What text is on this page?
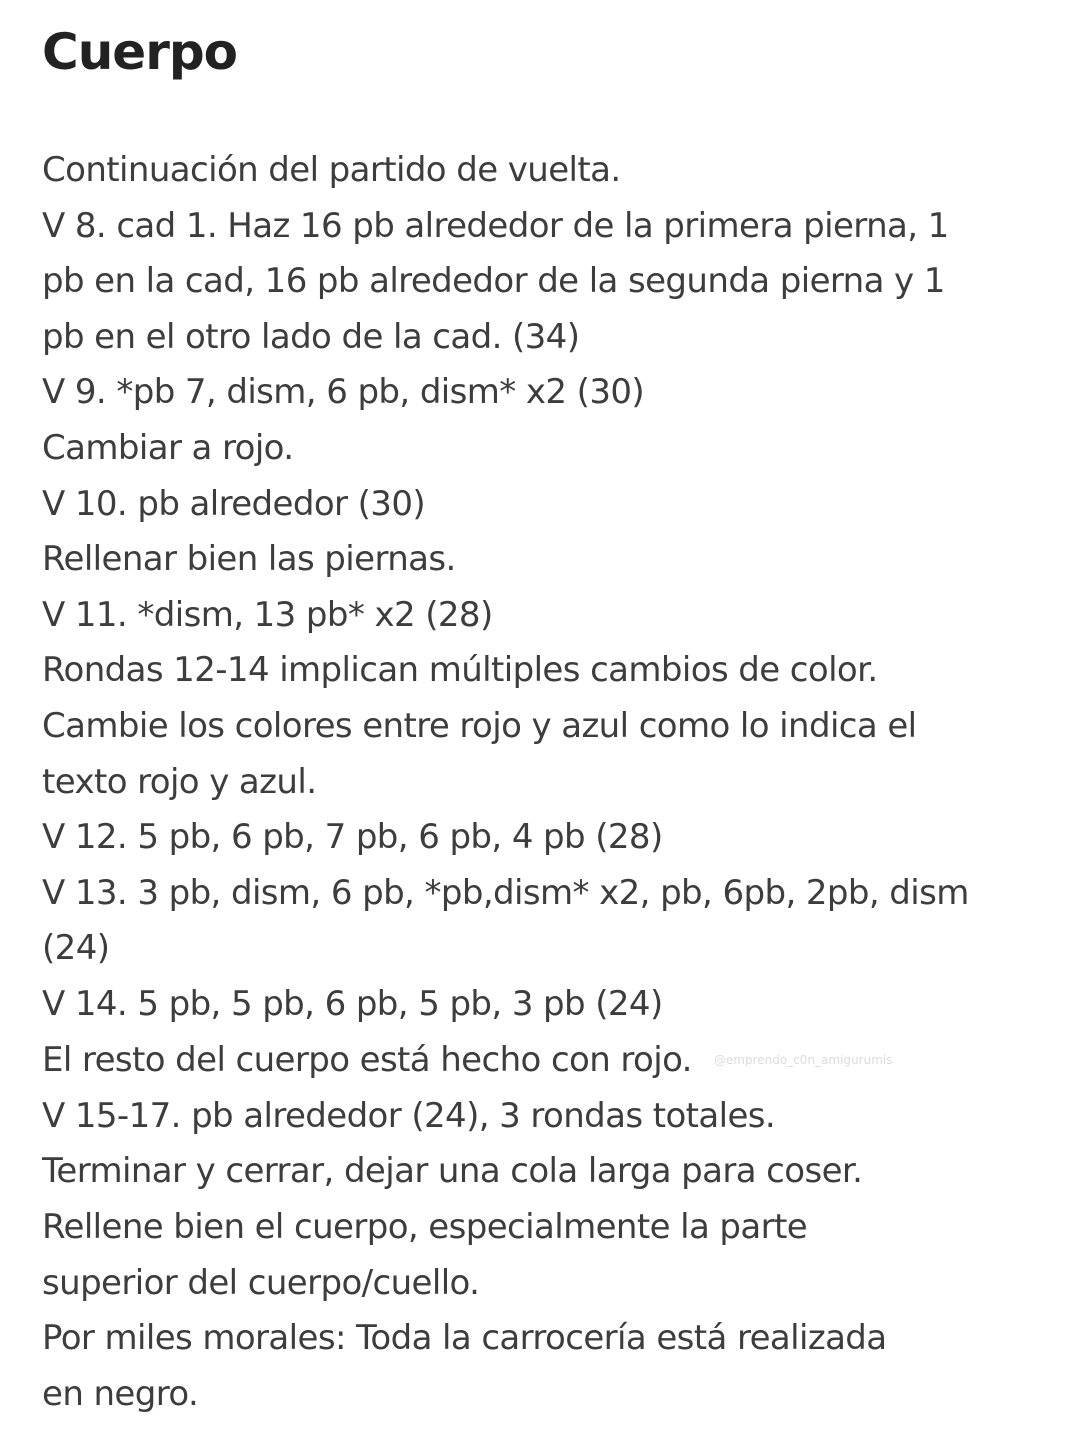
Cuerpo
Continuación del partido de vuelta.
V 8. cad 1. Haz 16 pb alrededor de la primera pierna, 1
pb en la cad, 16 pb alrededor de la segunda pierna y 1
pb en el otro lado de la cad. (34)
V 9. *pb 7, dism, 6 pb, dism* x2 (30)
Cambiar a rojo.
V 10. pb alrededor (30)
Rellenar bien las piernas.
V 11. *dism, 13 pb* x2 (28)
Rondas 12-14 implican múltiples cambios de color.
Cambie los colores entre rojo y azul como lo indica el
texto rojo y azul.
V 12. 5 pb, 6 pb, 7 pb, 6 pb, 4 pb (28)
V 13. 3 pb, dism, 6 pb, *pb,dism* x2, pb, 6pb, 2pb, dism
(24)
V 14. 5 pb, 5 pb, 6 pb, 5 pb, 3 pb (24)
El resto del cuerpo está hecho con rojo. @emprendo_c0n_amigurumis
V 15-17. pb alrededor (24), 3 rondas totales.
Terminar y cerrar, dejar una cola larga para coser.
Rellene bien el cuerpo, especialmente la parte
superior del cuerpo/cuello.
Por miles morales: Toda la carrocería está realizada
en negro.
